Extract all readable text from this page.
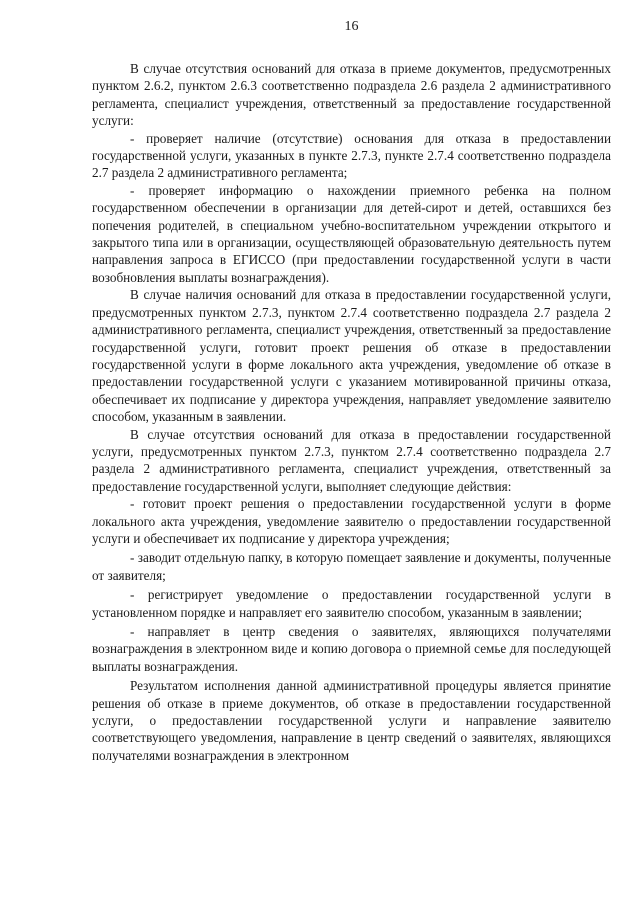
16

В случае отсутствия оснований для отказа в приеме документов, предусмотренных пунктом 2.6.2, пунктом 2.6.3 соответственно подраздела 2.6 раздела 2 административного регламента, специалист учреждения, ответственный за предоставление государственной услуги:

- проверяет наличие (отсутствие) основания для отказа в предоставлении государственной услуги, указанных в пункте 2.7.3, пункте 2.7.4 соответственно подраздела 2.7 раздела 2 административного регламента;

- проверяет информацию о нахождении приемного ребенка на полном государственном обеспечении в организации для детей-сирот и детей, оставшихся без попечения родителей, в специальном учебно-воспитательном учреждении открытого и закрытого типа или в организации, осуществляющей образовательную деятельность путем направления запроса в ЕГИССО (при предоставлении государственной услуги в части возобновления выплаты вознаграждения).

В случае наличия оснований для отказа в предоставлении государственной услуги, предусмотренных пунктом 2.7.3, пунктом 2.7.4 соответственно подраздела 2.7 раздела 2 административного регламента, специалист учреждения, ответственный за предоставление государственной услуги, готовит проект решения об отказе в предоставлении государственной услуги в форме локального акта учреждения, уведомление об отказе в предоставлении государственной услуги с указанием мотивированной причины отказа, обеспечивает их подписание у директора учреждения, направляет уведомление заявителю способом, указанным в заявлении.

В случае отсутствия оснований для отказа в предоставлении государственной услуги, предусмотренных пунктом 2.7.3, пунктом 2.7.4 соответственно подраздела 2.7 раздела 2 административного регламента, специалист учреждения, ответственный за предоставление государственной услуги, выполняет следующие действия:

- готовит проект решения о предоставлении государственной услуги в форме локального акта учреждения, уведомление заявителю о предоставлении государственной услуги и обеспечивает их подписание у директора учреждения;

- заводит отдельную папку, в которую помещает заявление и документы, полученные от заявителя;

- регистрирует уведомление о предоставлении государственной услуги в установленном порядке и направляет его заявителю способом, указанным в заявлении;

- направляет в центр сведения о заявителях, являющихся получателями вознаграждения в электронном виде и копию договора о приемной семье для последующей выплаты вознаграждения.

Результатом исполнения данной административной процедуры является принятие решения об отказе в приеме документов, об отказе в предоставлении государственной услуги, о предоставлении государственной услуги и направление заявителю соответствующего уведомления, направление в центр сведений о заявителях, являющихся получателями вознаграждения в электронном
